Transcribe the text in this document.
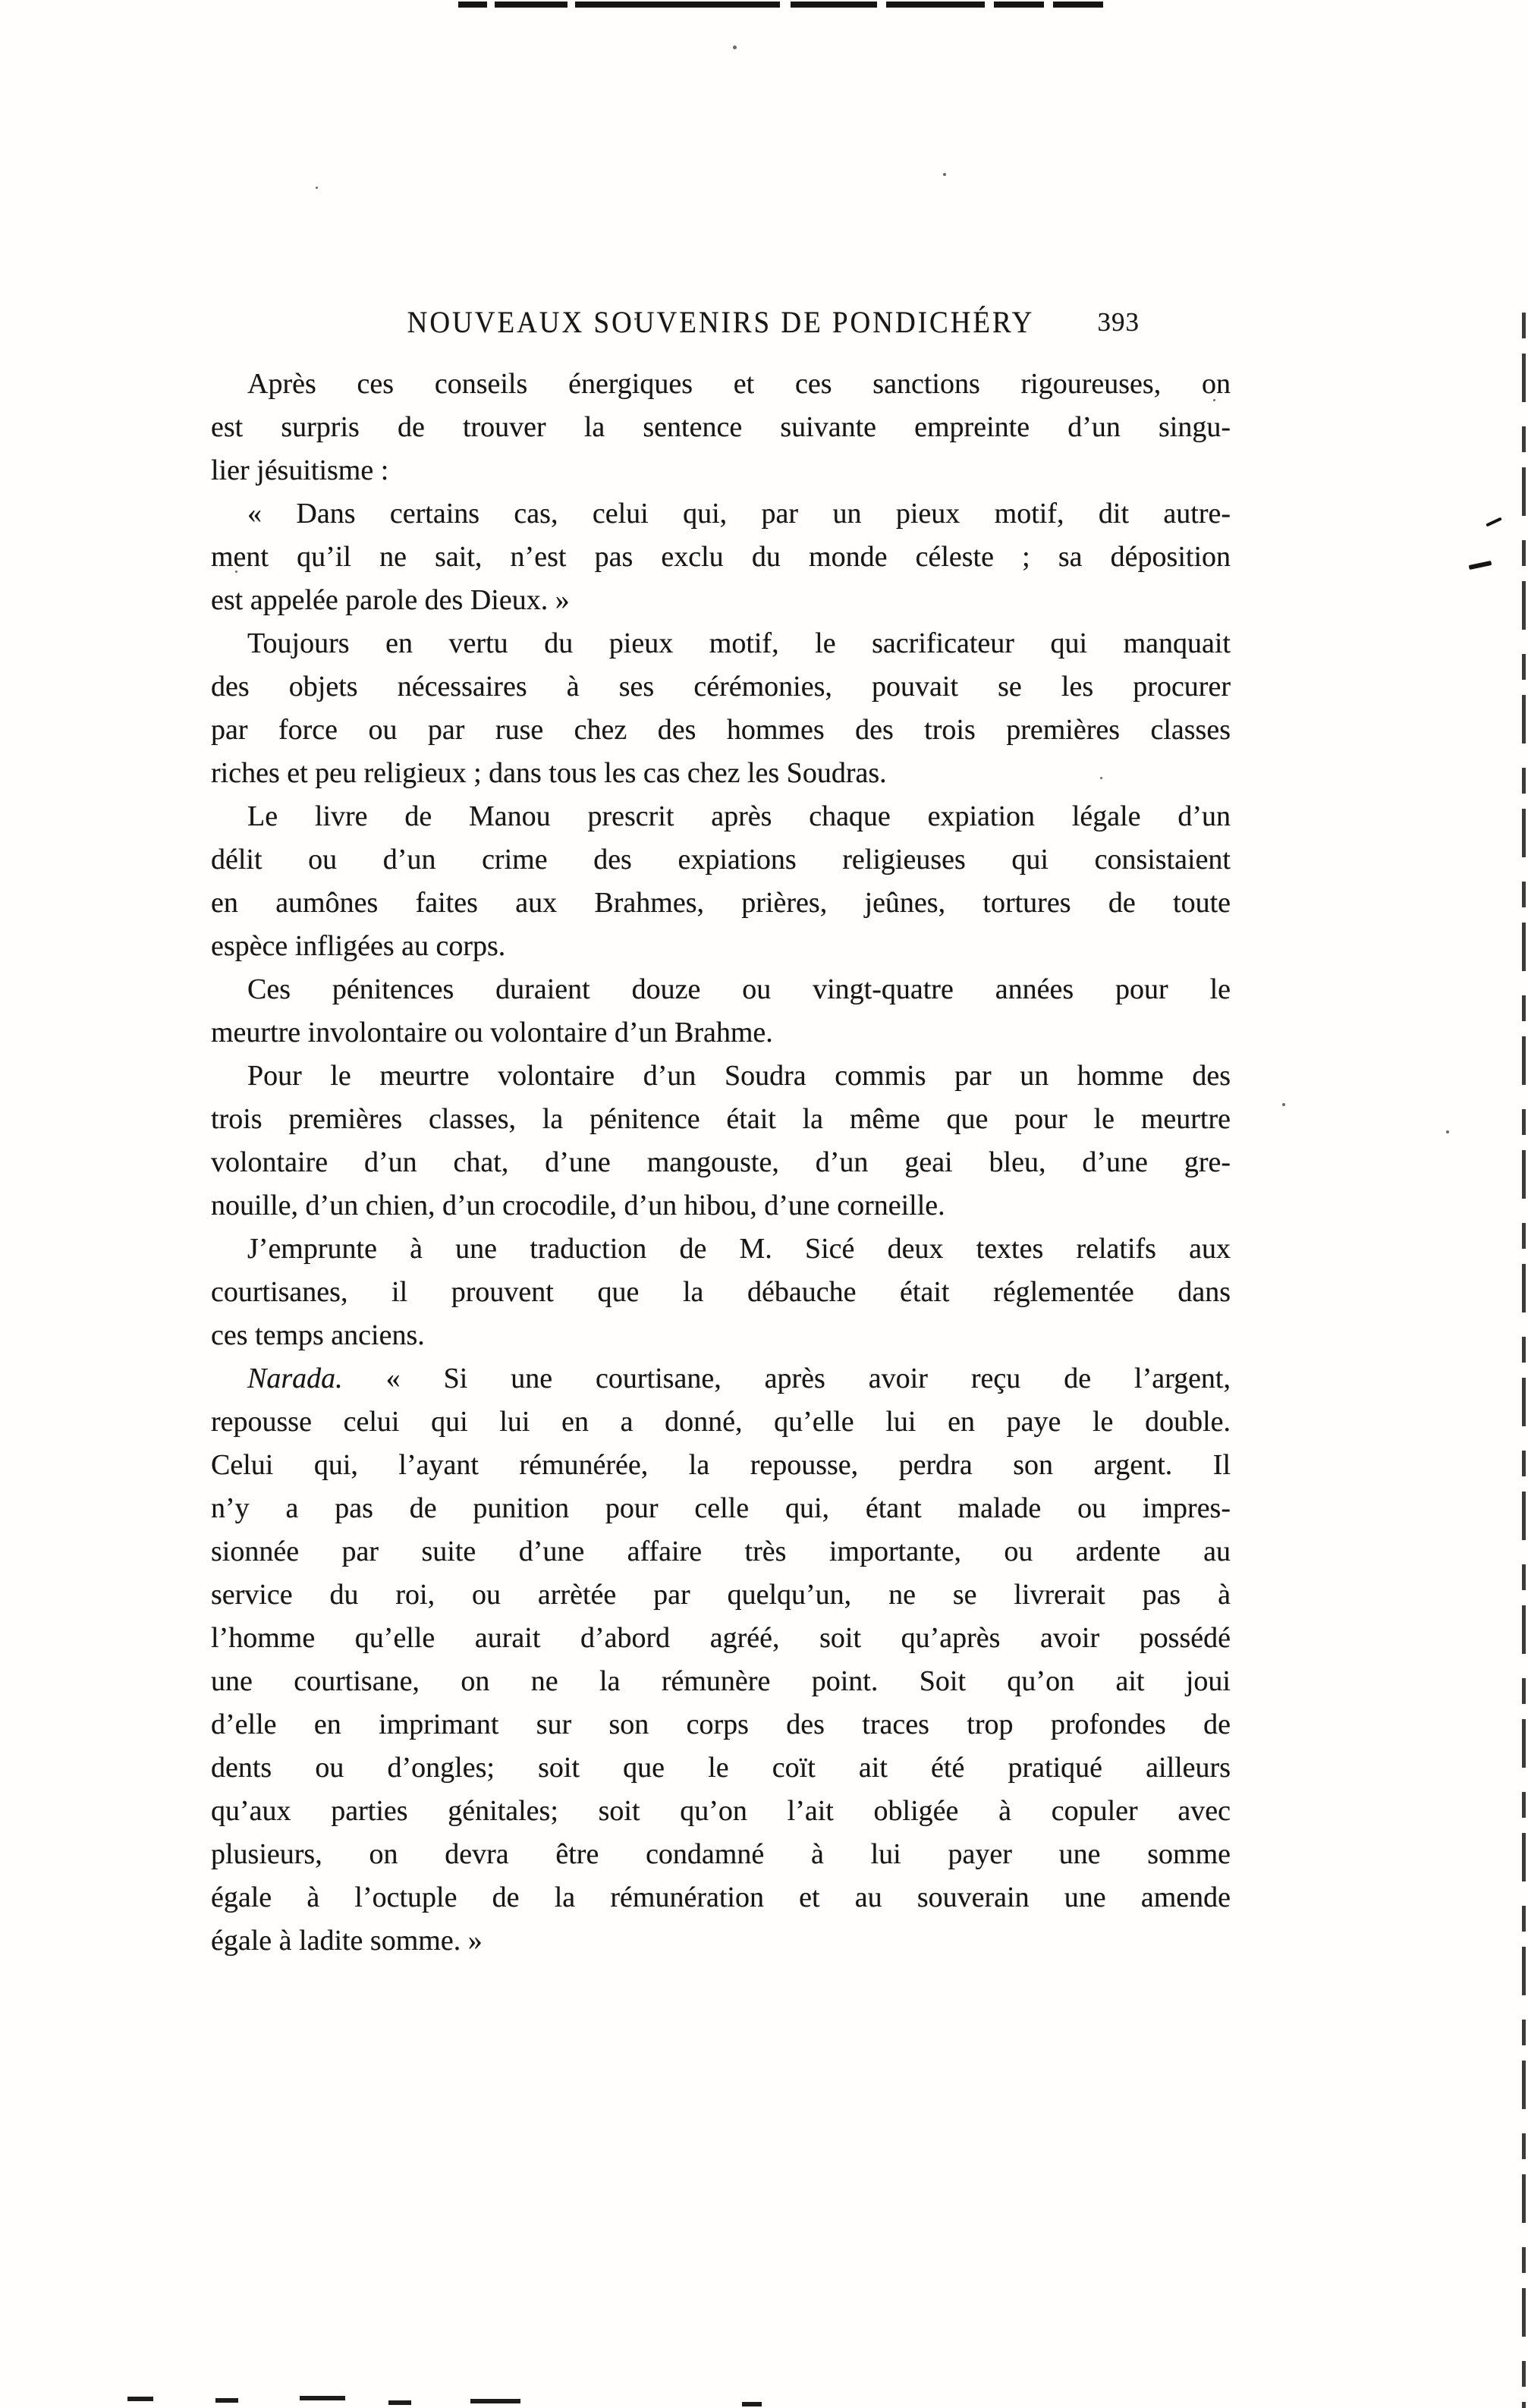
NOUVEAUX SOUVENIRS DE PONDICHÉRY	393
Après ces conseils énergiques et ces sanctions rigoureuses, on
est surpris de trouver la sentence suivante empreinte d’un singu-
lier jésuitisme :
« Dans certains cas, celui qui, par un pieux motif, dit autre-
ment qu’il ne sait, n’est pas exclu du monde céleste ; sa déposition
est appelée parole des Dieux. »
Toujours en vertu du pieux motif, le sacrificateur qui manquait
des objets nécessaires à ses cérémonies, pouvait se les procurer
par force ou par ruse chez des hommes des trois premières classes
riches et peu religieux ; dans tous les cas chez les Soudras.
Le livre de Manou prescrit après chaque expiation légale d’un
délit ou d’un crime des expiations religieuses qui consistaient
en aumônes faites aux Brahmes, prières, jeûnes, tortures de toute
espèce infligées au corps.
Ces pénitences duraient douze ou vingt-quatre années pour le
meurtre involontaire ou volontaire d’un Brahme.
Pour le meurtre volontaire d’un Soudra commis par un homme des
trois premières classes, la pénitence était la même que pour le meurtre
volontaire d’un chat, d’une mangouste, d’un geai bleu, d’une gre-
nouille, d’un chien, d’un crocodile, d’un hibou, d’une corneille.
J’emprunte à une traduction de M. Sicé deux textes relatifs aux
courtisanes, il prouvent que la débauche était réglementée dans
ces temps anciens.
Narada. « Si une courtisane, après avoir reçu de l’argent,
repousse celui qui lui en a donné, qu’elle lui en paye le double.
Celui qui, l’ayant rémunérée, la repousse, perdra son argent. Il
n’y a pas de punition pour celle qui, étant malade ou impres-
sionnée par suite d’une affaire très importante, ou ardente au
service du roi, ou arrètée par quelqu’un, ne se livrerait pas à
l’homme qu’elle aurait d’abord agréé, soit qu’après avoir possédé
une courtisane, on ne la rémunère point. Soit qu’on ait joui
d’elle en imprimant sur son corps des traces trop profondes de
dents ou d’ongles; soit que le coït ait été pratiqué ailleurs
qu’aux parties génitales; soit qu’on l’ait obligée à copuler avec
plusieurs, on devra être condamné à lui payer une somme
égale à l’octuple de la rémunération et au souverain une amende
égale à ladite somme. »
